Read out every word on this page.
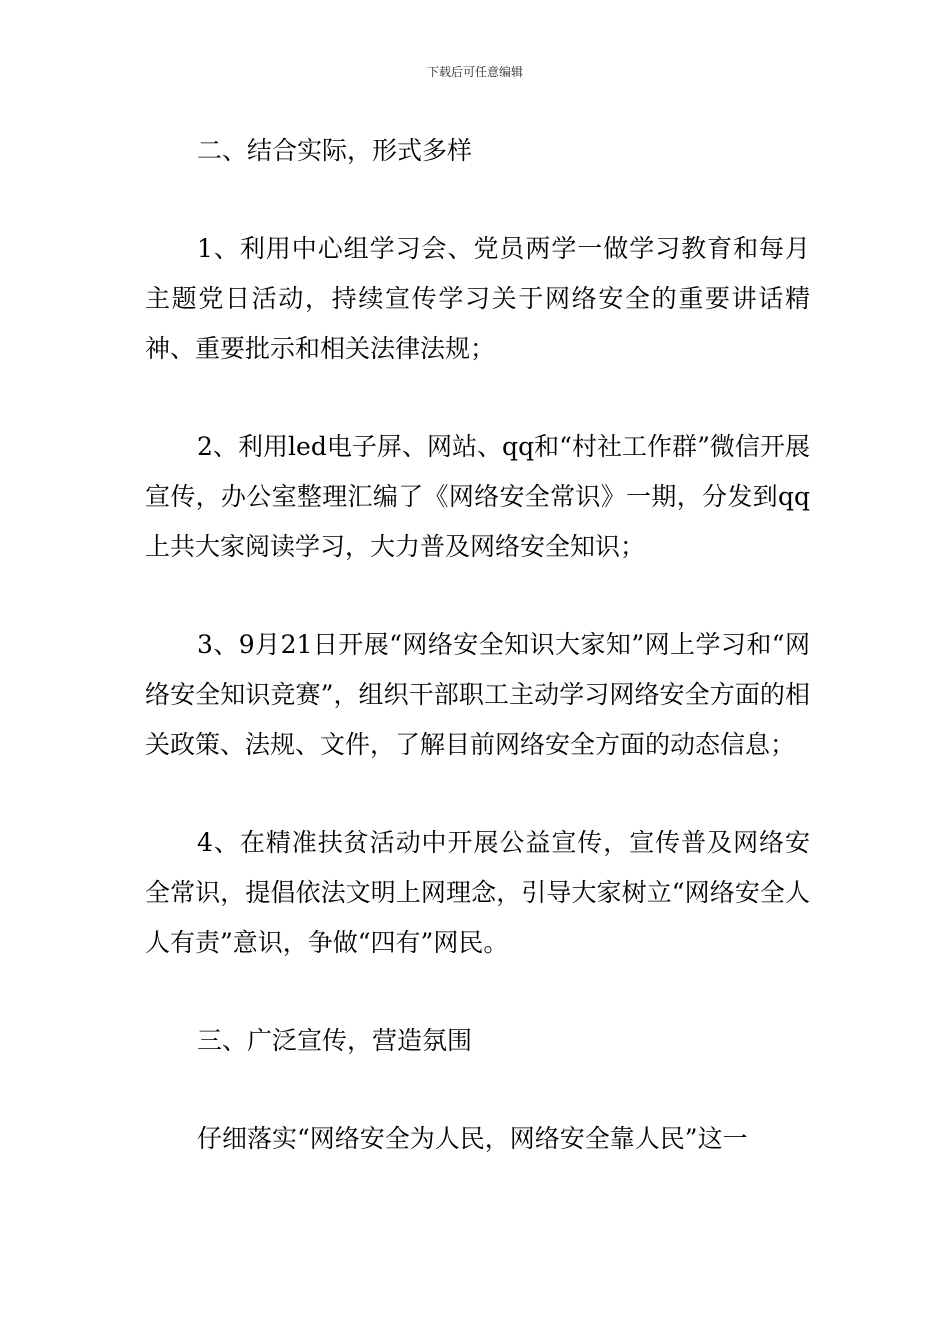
下载后可任意编辑

二、结合实际，形式多样

1、利用中心组学习会、党员两学一做学习教育和每月主题党日活动，持续宣传学习关于网络安全的重要讲话精神、重要批示和相关法律法规；

2、利用led电子屏、网站、qq和“村社工作群”微信开展宣传，办公室整理汇编了《网络安全常识》一期，分发到qq上共大家阅读学习，大力普及网络安全知识；

3、9月21日开展“网络安全知识大家知”网上学习和“网络安全知识竞赛”，组织干部职工主动学习网络安全方面的相关政策、法规、文件，了解目前网络安全方面的动态信息；

4、在精准扶贫活动中开展公益宣传，宣传普及网络安全常识，提倡依法文明上网理念，引导大家树立“网络安全人人有责”意识，争做“四有”网民。

三、广泛宣传，营造氛围

仔细落实“网络安全为人民，网络安全靠人民”这一
